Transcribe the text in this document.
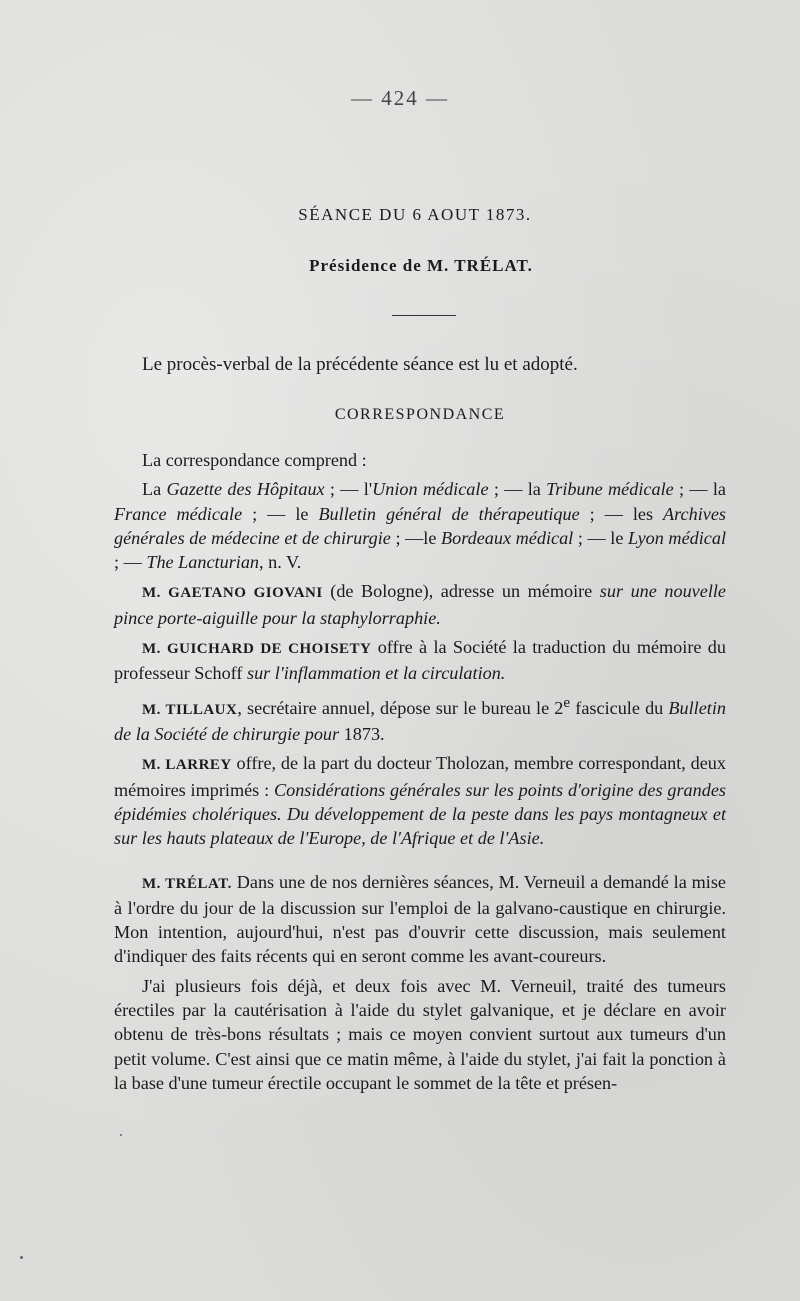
— 424 —
SÉANCE DU 6 AOUT 1873.
Présidence de M. TRÉLAT.
Le procès-verbal de la précédente séance est lu et adopté.
CORRESPONDANCE

La correspondance comprend :

La Gazette des Hôpitaux ; — l'Union médicale ; — la Tribune médicale ; — la France médicale ; — le Bulletin général de thérapeutique ; — les Archives générales de médecine et de chirurgie ; —le Bordeaux médical ; — le Lyon médical ; — The Lancturian, n. V.

M. GAETANO GIOVANI (de Bologne), adresse un mémoire sur une nouvelle pince porte-aiguille pour la staphylorraphie.

M. GUICHARD DE CHOISETY offre à la Société la traduction du mémoire du professeur Schoff sur l'inflammation et la circulation.

M. TILLAUX, secrétaire annuel, dépose sur le bureau le 2e fascicule du Bulletin de la Société de chirurgie pour 1873.

M. LARREY offre, de la part du docteur Tholozan, membre correspondant, deux mémoires imprimés : Considérations générales sur les points d'origine des grandes épidémies cholériques. Du développement de la peste dans les pays montagneux et sur les hauts plateaux de l'Europe, de l'Afrique et de l'Asie.

M. TRÉLAT. Dans une de nos dernières séances, M. Verneuil a demandé la mise à l'ordre du jour de la discussion sur l'emploi de la galvano-caustique en chirurgie. Mon intention, aujourd'hui, n'est pas d'ouvrir cette discussion, mais seulement d'indiquer des faits récents qui en seront comme les avant-coureurs.

J'ai plusieurs fois déjà, et deux fois avec M. Verneuil, traité des tumeurs érectiles par la cautérisation à l'aide du stylet galvanique, et je déclare en avoir obtenu de très-bons résultats ; mais ce moyen convient surtout aux tumeurs d'un petit volume. C'est ainsi que ce matin même, à l'aide du stylet, j'ai fait la ponction à la base d'une tumeur érectile occupant le sommet de la tête et présen-
